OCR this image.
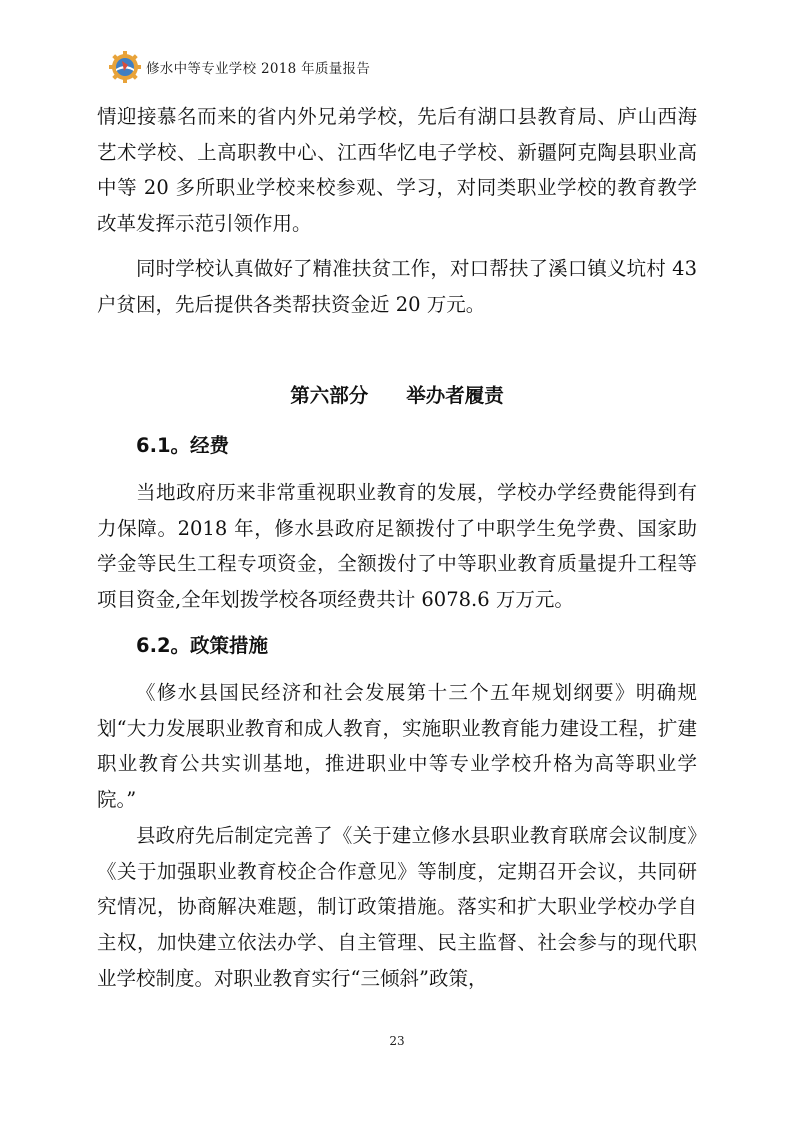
修水中等专业学校 2018 年质量报告

情迎接慕名而来的省内外兄弟学校，先后有湖口县教育局、庐山西海艺术学校、上高职教中心、江西华忆电子学校、新疆阿克陶县职业高中等 20 多所职业学校来校参观、学习，对同类职业学校的教育教学改革发挥示范引领作用。

同时学校认真做好了精准扶贫工作，对口帮扶了溪口镇义坑村 43 户贫困，先后提供各类帮扶资金近 20 万元。

第六部分 举办者履责
6.1。经费

当地政府历来非常重视职业教育的发展，学校办学经费能得到有力保障。2018 年，修水县政府足额拨付了中职学生免学费、国家助学金等民生工程专项资金，全额拨付了中等职业教育质量提升工程等项目资金,全年划拨学校各项经费共计 6078.6 万万元。

6.2。政策措施

《修水县国民经济和社会发展第十三个五年规划纲要》明确规划“大力发展职业教育和成人教育，实施职业教育能力建设工程，扩建职业教育公共实训基地，推进职业中等专业学校升格为高等职业学院。”

县政府先后制定完善了《关于建立修水县职业教育联席会议制度》《关于加强职业教育校企合作意见》等制度，定期召开会议，共同研究情况，协商解决难题，制订政策措施。落实和扩大职业学校办学自主权，加快建立依法办学、自主管理、民主监督、社会参与的现代职业学校制度。对职业教育实行“三倾斜”政策，

23
